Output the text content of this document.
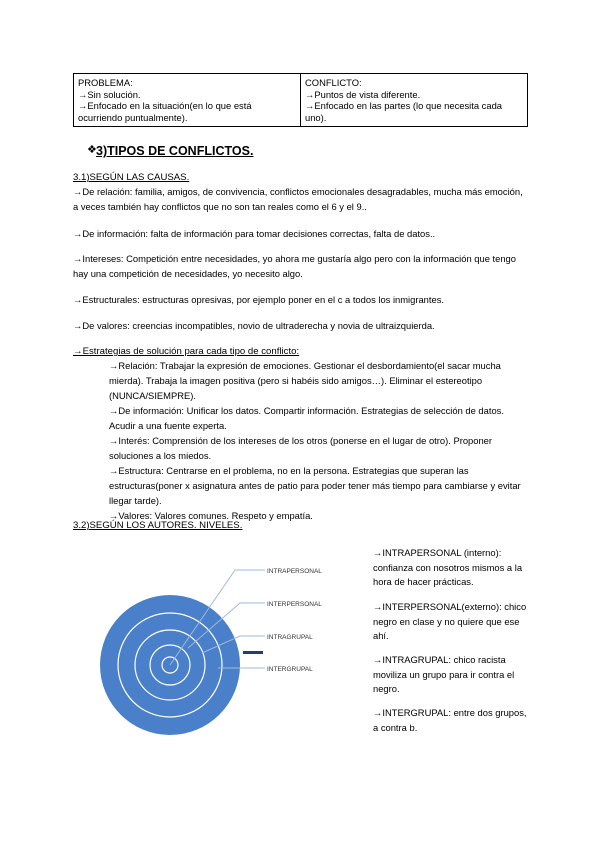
PROBLEMA:
→Sin solución.
→Enfocado en la situación(en lo que está ocurriendo puntualmente).

CONFLICTO:
→Puntos de vista diferente.
→Enfocado en las partes (lo que necesita cada uno).
❖ 3)TIPOS DE CONFLICTOS.
3.1)SEGÚN LAS CAUSAS.
→De relación: familia, amigos, de convivencia, conflictos emocionales desagradables, mucha más emoción, a veces también hay conflictos que no son tan reales como el 6 y el 9..
→De información: falta de información para tomar decisiones correctas, falta de datos..
→Intereses: Competición entre necesidades, yo ahora me gustaría algo pero con la información que tengo hay una competición de necesidades, yo necesito algo.
→Estructurales: estructuras opresivas, por ejemplo poner en el c a todos los inmigrantes.
→De valores: creencias incompatibles, novio de ultraderecha y novia de ultraizquierda.
→Estrategias de solución para cada tipo de conflicto:
→Relación: Trabajar la expresión de emociones. Gestionar el desbordamiento(el sacar mucha mierda). Trabaja la imagen positiva (pero si habéis sido amigos…). Eliminar el estereotipo (NUNCA/SIEMPRE).
→De información: Unificar los datos. Compartir información. Estrategias de selección de datos. Acudir a una fuente experta.
→Interés: Comprensión de los intereses de los otros (ponerse en el lugar de otro). Proponer soluciones a los miedos.
→Estructura: Centrarse en el problema, no en la persona. Estrategias que superan las estructuras(poner x asignatura antes de patio para poder tener más tiempo para cambiarse y evitar llegar tarde).
→Valores: Valores comunes. Respeto y empatía.
3.2)SEGÚN LOS AUTORES. NIVELES.
INTRAPERSONAL
INTERPERSONAL
INTRAGRUPAL
INTERGRUPAL
→INTRAPERSONAL (interno): confianza con nosotros mismos a la hora de hacer prácticas.
→INTERPERSONAL(externo): chico negro en clase y no quiere que ese ahí.
→INTRAGRUPAL: chico racista moviliza un grupo para ir contra el negro.
→INTERGRUPAL: entre dos grupos, a contra b.
